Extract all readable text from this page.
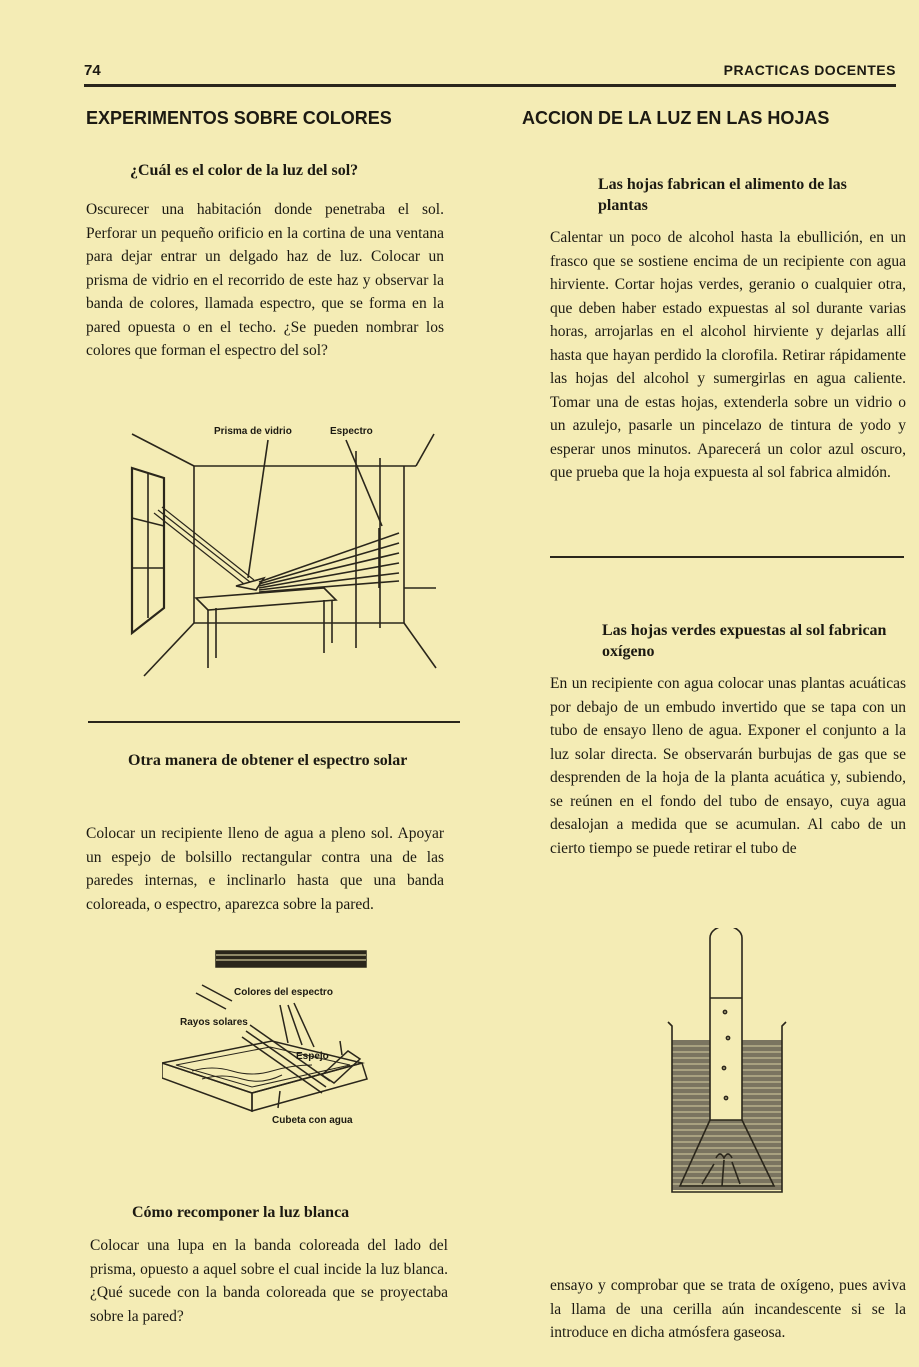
74	PRACTICAS DOCENTES
EXPERIMENTOS SOBRE COLORES
¿Cuál es el color de la luz del sol?

Oscurecer una habitación donde penetraba el sol. Perforar un pequeño orificio en la cortina de una ventana para dejar entrar un delgado haz de luz. Colocar un prisma de vidrio en el recorrido de este haz y observar la banda de colores, llamada espectro, que se forma en la pared opuesta o en el techo. ¿Se pueden nombrar los colores que forman el espectro del sol?

Prisma de vidrio	Espectro
Otra manera de obtener el espectro solar

Colocar un recipiente lleno de agua a pleno sol. Apoyar un espejo de bolsillo rectangular contra una de las paredes internas, e inclinarlo hasta que una banda coloreada, o espectro, aparezca sobre la pared.

Colores del espectro
Rayos solares
Espejo
Cubeta con agua
Cómo recomponer la luz blanca

Colocar una lupa en la banda coloreada del lado del prisma, opuesto a aquel sobre el cual incide la luz blanca. ¿Qué sucede con la banda coloreada que se proyectaba sobre la pared?

ACCION DE LA LUZ EN LAS HOJAS
Las hojas fabrican el alimento de las plantas

Calentar un poco de alcohol hasta la ebullición, en un frasco que se sostiene encima de un recipiente con agua hirviente. Cortar hojas verdes, geranio o cualquier otra, que deben haber estado expuestas al sol durante varias horas, arrojarlas en el alcohol hirviente y dejarlas allí hasta que hayan perdido la clorofila. Retirar rápidamente las hojas del alcohol y sumergirlas en agua caliente. Tomar una de estas hojas, extenderla sobre un vidrio o un azulejo, pasarle un pincelazo de tintura de yodo y esperar unos minutos. Aparecerá un color azul oscuro, que prueba que la hoja expuesta al sol fabrica almidón.

Las hojas verdes expuestas al sol fabrican oxígeno

En un recipiente con agua colocar unas plantas acuáticas por debajo de un embudo invertido que se tapa con un tubo de ensayo lleno de agua. Exponer el conjunto a la luz solar directa. Se observarán burbujas de gas que se desprenden de la hoja de la planta acuática y, subiendo, se reúnen en el fondo del tubo de ensayo, cuya agua desalojan a medida que se acumulan. Al cabo de un cierto tiempo se puede retirar el tubo de

ensayo y comprobar que se trata de oxígeno, pues aviva la llama de una cerilla aún incandescente si se la introduce en dicha atmósfera gaseosa.
